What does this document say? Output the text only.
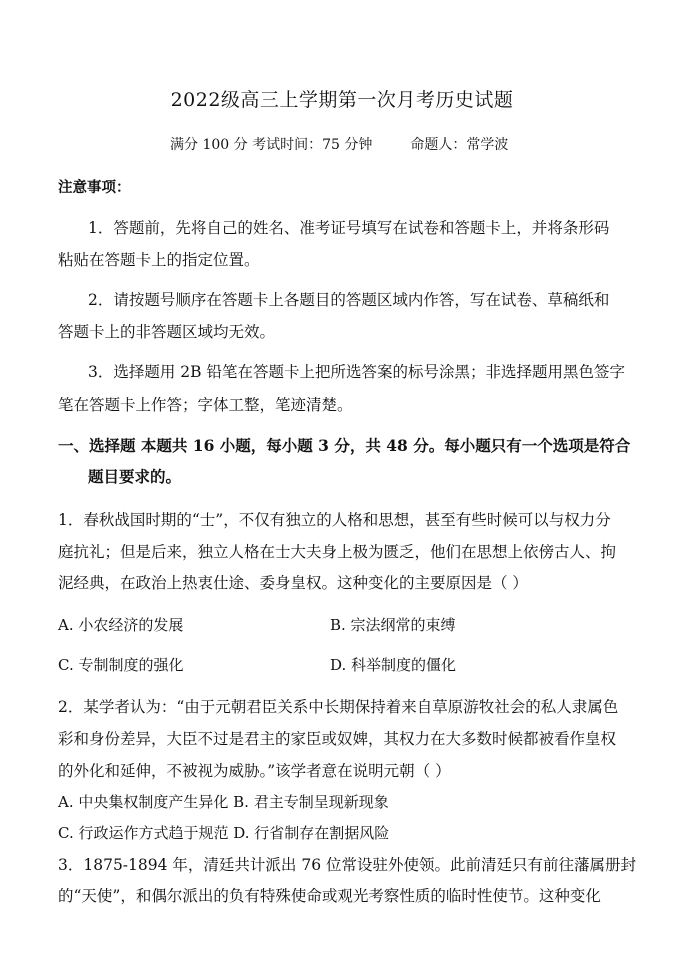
2022级高三上学期第一次月考历史试题
满分 100 分 考试时间：75 分钟	命题人：常学波
注意事项：
1．答题前，先将自己的姓名、准考证号填写在试卷和答题卡上，并将条形码
粘贴在答题卡上的指定位置。
2．请按题号顺序在答题卡上各题目的答题区域内作答，写在试卷、草稿纸和
答题卡上的非答题区域均无效。
3．选择题用 2B 铅笔在答题卡上把所选答案的标号涂黑；非选择题用黑色签字
笔在答题卡上作答；字体工整，笔迹清楚。
一、选择题 本题共 16 小题，每小题 3 分，共 48 分。每小题只有一个选项是符合
题目要求的。
1．春秋战国时期的“士”，不仅有独立的人格和思想，甚至有些时候可以与权力分
庭抗礼；但是后来，独立人格在士大夫身上极为匮乏，他们在思想上依傍古人、拘
泥经典，在政治上热衷仕途、委身皇权。这种变化的主要原因是（ ）
A. 小农经济的发展	B. 宗法纲常的束缚
C. 专制制度的强化	D. 科举制度的僵化
2．某学者认为：“由于元朝君臣关系中长期保持着来自草原游牧社会的私人隶属色
彩和身份差异，大臣不过是君主的家臣或奴婢，其权力在大多数时候都被看作皇权
的外化和延伸，不被视为威胁。”该学者意在说明元朝（ ）
A. 中央集权制度产生异化 B. 君主专制呈现新现象
C. 行政运作方式趋于规范 D. 行省制存在割据风险
3．1875-1894 年，清廷共计派出 76 位常设驻外使领。此前清廷只有前往藩属册封
的“天使”，和偶尔派出的负有特殊使命或观光考察性质的临时性使节。这种变化
